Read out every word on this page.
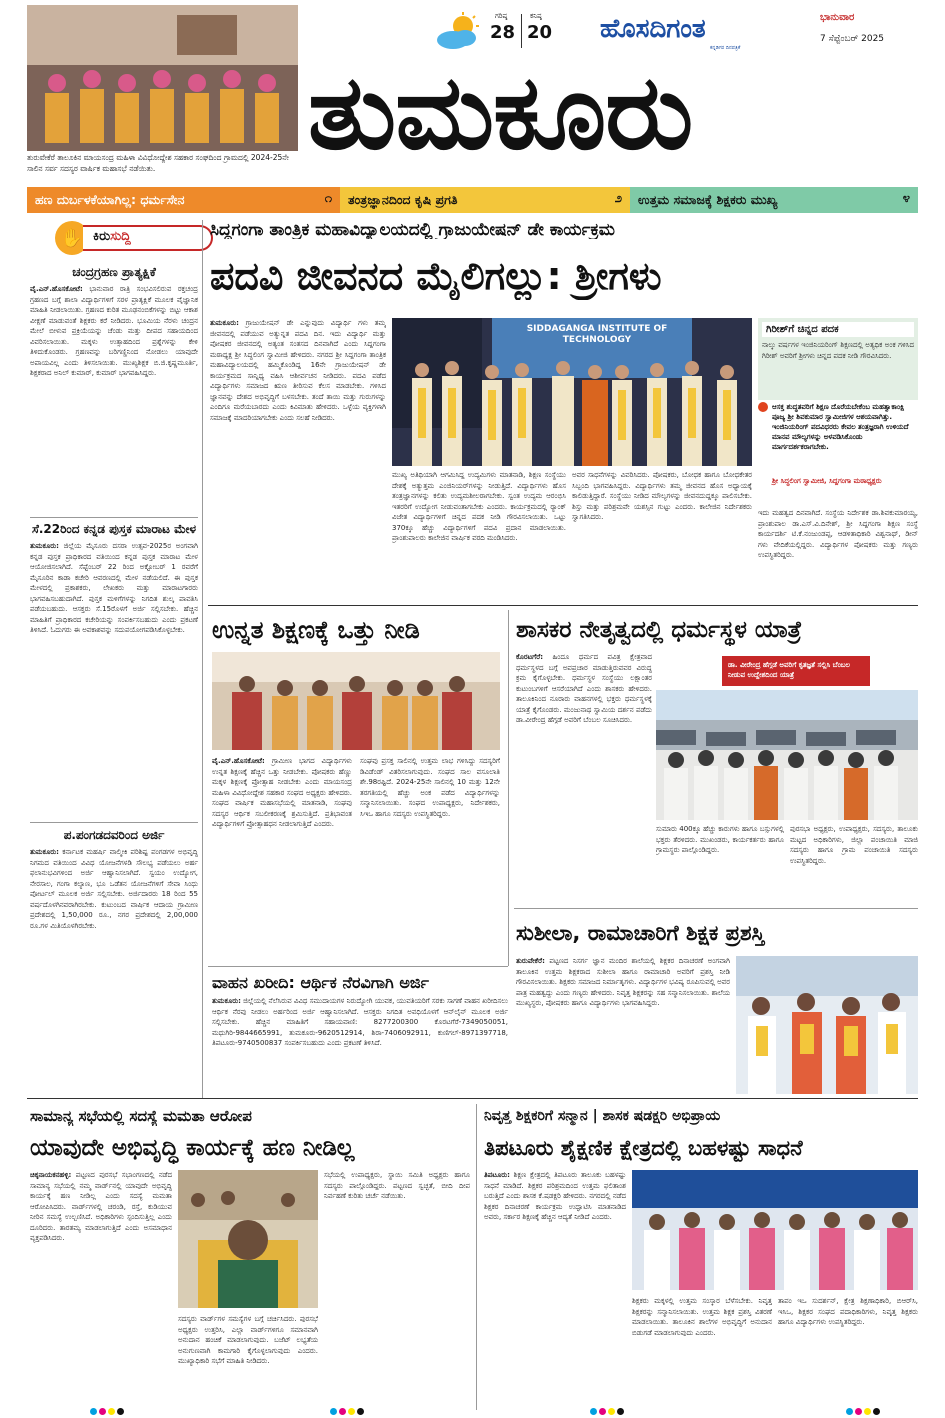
ತುರುವೇಕೆರೆ ತಾಲೂಕಿನ ಮಾಯಸಂದ್ರ ಮಹಿಳಾ ವಿವಿಧೋದ್ದೇಶ ಸಹಕಾರ ಸಂಘದಿಂದ ಗ್ರಾಮದಲ್ಲಿ 2024-25ನೇ ಸಾಲಿನ ಸರ್ವ ಸದಸ್ಯರ ವಾರ್ಷಿಕ ಮಹಾಸಭೆ ನಡೆಯಿತು.
ಗರಿಷ್ಠ
28
ಕನಿಷ್ಠ
20 ಹೊಸದಿಗಂತ
ಕನ್ನಡಿಗರ ದಿನಪತ್ರಿಕೆ
ಭಾನುವಾರ
7 ಸೆಪ್ಟೆಂಬರ್ 2025
ತುಮಕೂರು
ಹಣ ದುರ್ಬಳಕೆಯಾಗಿಲ್ಲ: ಧರ್ಮಸೇನ	೧ ತಂತ್ರಜ್ಞಾನದಿಂದ ಕೃಷಿ ಪ್ರಗತಿ	೨ ಉತ್ತಮ ಸಮಾಜಕ್ಕೆ ಶಿಕ್ಷಕರು ಮುಖ್ಯ	೪
✋ ಕಿರುಸುದ್ದಿ
ಚಂದ್ರಗ್ರಹಣ ಪ್ರಾತ್ಯಕ್ಷಿಕೆ
ವೈ.ಎನ್.ಹೊಸಕೋಟೆ: ಭಾನುವಾರ ರಾತ್ರಿ ಸಂಭವಿಸಲಿರುವ ರಕ್ತಚಂದ್ರ ಗ್ರಹಣದ ಬಗ್ಗೆ ಶಾಲಾ ವಿದ್ಯಾರ್ಥಿಗಳಿಗೆ ಸರಳ ಪ್ರಾತ್ಯಕ್ಷಿಕೆ ಮೂಲಕ ವೈಜ್ಞಾನಿಕ ಮಾಹಿತಿ ನೀಡಲಾಯಿತು. ಗ್ರಹಣದ ಕುರಿತ ಮೂಢನಂಬಿಕೆಗಳನ್ನು ಬಿಟ್ಟು ಆಕಾಶ ವೀಕ್ಷಣೆ ಮಾಡುವಂತೆ ಶಿಕ್ಷಕರು ಕರೆ ನೀಡಿದರು. ಭೂಮಿಯ ನೆರಳು ಚಂದ್ರನ ಮೇಲೆ ಬೀಳುವ ಪ್ರಕ್ರಿಯೆಯನ್ನು ಚೆಂಡು ಮತ್ತು ದೀಪದ ಸಹಾಯದಿಂದ ವಿವರಿಸಲಾಯಿತು. ಮಕ್ಕಳು ಉತ್ಸಾಹದಿಂದ ಪ್ರಶ್ನೆಗಳನ್ನು ಕೇಳಿ ತಿಳಿದುಕೊಂಡರು. ಗ್ರಹಣವನ್ನು ಬರಿಗಣ್ಣಿನಿಂದ ನೋಡಲು ಯಾವುದೇ ಅಪಾಯವಿಲ್ಲ ಎಂದು ತಿಳಿಸಲಾಯಿತು. ಮುಖ್ಯಶಿಕ್ಷಕ ಬಿ.ಜಿ.ಕೃಷ್ಣಮೂರ್ತಿ, ಶಿಕ್ಷಕರಾದ ಅನಿಲ್ ಕುಮಾರ್, ಕುಮಾರ್ ಭಾಗವಹಿಸಿದ್ದರು.
ಸೆ.22ರಿಂದ ಕನ್ನಡ ಪುಸ್ತಕ ಮಾರಾಟ ಮೇಳ
ತುಮಕೂರು: ಜಿಲ್ಲೆಯ ಮೈಸೂರು ದಸರಾ ಉತ್ಸವ-2025ರ ಅಂಗವಾಗಿ ಕನ್ನಡ ಪುಸ್ತಕ ಪ್ರಾಧಿಕಾರದ ವತಿಯಿಂದ ಕನ್ನಡ ಪುಸ್ತಕ ಮಾರಾಟ ಮೇಳ ಆಯೋಜಿಸಲಾಗಿದೆ. ಸೆಪ್ಟೆಂಬರ್ 22 ರಿಂದ ಅಕ್ಟೋಬರ್ 1 ರವರೆಗೆ ಮೈಸೂರಿನ ಕಾಡಾ ಕಚೇರಿ ಆವರಣದಲ್ಲಿ ಮೇಳ ನಡೆಯಲಿದೆ. ಈ ಪುಸ್ತಕ ಮೇಳದಲ್ಲಿ ಪ್ರಕಾಶಕರು, ಲೇಖಕರು ಮತ್ತು ಮಾರಾಟಗಾರರು ಭಾಗವಹಿಸಬಹುದಾಗಿದೆ. ಪುಸ್ತಕ ಮಳಿಗೆಗಳನ್ನು ನಿಗದಿತ ಶುಲ್ಕ ಪಾವತಿಸಿ ಪಡೆಯಬಹುದು. ಆಸಕ್ತರು ಸೆ.15ರೊಳಗೆ ಅರ್ಜಿ ಸಲ್ಲಿಸಬೇಕು. ಹೆಚ್ಚಿನ ಮಾಹಿತಿಗೆ ಪ್ರಾಧಿಕಾರದ ಕಚೇರಿಯನ್ನು ಸಂಪರ್ಕಿಸಬಹುದು ಎಂದು ಪ್ರಕಟಣೆ ತಿಳಿಸಿದೆ. ಓದುಗರು ಈ ಅವಕಾಶವನ್ನು ಸದುಪಯೋಗಪಡಿಸಿಕೊಳ್ಳಬೇಕು.
ಪ.ಪಂಗಡದವರಿಂದ ಅರ್ಜಿ
ತುಮಕೂರು: ಕರ್ನಾಟಕ ಮಹರ್ಷಿ ವಾಲ್ಮೀಕಿ ಪರಿಶಿಷ್ಟ ಪಂಗಡಗಳ ಅಭಿವೃದ್ಧಿ ನಿಗಮದ ವತಿಯಿಂದ ವಿವಿಧ ಯೋಜನೆಗಳಡಿ ಸೌಲಭ್ಯ ಪಡೆಯಲು ಅರ್ಹ ಫಲಾನುಭವಿಗಳಿಂದ ಅರ್ಜಿ ಆಹ್ವಾನಿಸಲಾಗಿದೆ. ಸ್ವಯಂ ಉದ್ಯೋಗ, ನೇರಸಾಲ, ಗಂಗಾ ಕಲ್ಯಾಣ, ಭೂ ಒಡೆತನ ಯೋಜನೆಗಳಿಗೆ ಸೇವಾ ಸಿಂಧು ಪೋರ್ಟಲ್ ಮೂಲಕ ಅರ್ಜಿ ಸಲ್ಲಿಸಬೇಕು. ಅರ್ಜಿದಾರರು 18 ರಿಂದ 55 ವರ್ಷದೊಳಗಿನವರಾಗಿರಬೇಕು. ಕುಟುಂಬದ ವಾರ್ಷಿಕ ಆದಾಯ ಗ್ರಾಮೀಣ ಪ್ರದೇಶದಲ್ಲಿ 1,50,000 ರೂ., ನಗರ ಪ್ರದೇಶದಲ್ಲಿ 2,00,000 ರೂ.ಗಳ ಮಿತಿಯೊಳಗಿರಬೇಕು.
ಸಿದ್ದಗಂಗಾ ತಾಂತ್ರಿಕ ಮಹಾವಿದ್ಯಾಲಯದಲ್ಲಿ ಗ್ರಾಜುಯೇಷನ್ ಡೇ ಕಾರ್ಯಕ್ರಮ
ಪದವಿ ಜೀವನದ ಮೈಲಿಗಲ್ಲು: ಶ್ರೀಗಳು
ತುಮಕೂರು: ಗ್ರಾಜುಯೇಷನ್ ಡೇ ಎನ್ನುವುದು ವಿದ್ಯಾರ್ಥಿ ಗಳು ತಮ್ಮ ಜೀವನದಲ್ಲಿ ಪಡೆಯುವ ಅತ್ಯುನ್ನತ ಪದವಿ ದಿನ. ಇದು ವಿದ್ಯಾರ್ಥಿ ಮತ್ತು ಪೋಷಕರ ಜೀವನದಲ್ಲಿ ಅತ್ಯಂತ ಸಂತಸದ ದಿನವಾಗಿದೆ ಎಂದು ಸಿದ್ದಗಂಗಾ ಮಠಾಧ್ಯಕ್ಷ ಶ್ರೀ ಸಿದ್ಧಲಿಂಗ ಸ್ವಾಮೀಜಿ ಹೇಳಿದರು. ನಗರದ ಶ್ರೀ ಸಿದ್ದಗಂಗಾ ತಾಂತ್ರಿಕ ಮಹಾವಿದ್ಯಾಲಯದಲ್ಲಿ ಹಮ್ಮಿಕೊಂಡಿದ್ದ 16ನೇ ಗ್ರಾಜುಯೇಷನ್ ಡೇ ಕಾರ್ಯಕ್ರಮದ ಸಾನ್ನಿಧ್ಯ ವಹಿಸಿ ಆಶೀರ್ವಚನ ನೀಡಿದರು. ಪದವಿ ಪಡೆದ ವಿದ್ಯಾರ್ಥಿಗಳು ಸಮಾಜದ ಋಣ ತೀರಿಸುವ ಕೆಲಸ ಮಾಡಬೇಕು. ಗಳಿಸಿದ ಜ್ಞಾನವನ್ನು ದೇಶದ ಅಭಿವೃದ್ಧಿಗೆ ಬಳಸಬೇಕು. ತಂದೆ ತಾಯಿ ಮತ್ತು ಗುರುಗಳನ್ನು ಎಂದಿಗೂ ಮರೆಯಬಾರದು ಎಂದು ಕಿವಿಮಾತು ಹೇಳಿದರು. ಒಳ್ಳೆಯ ವ್ಯಕ್ತಿಗಳಾಗಿ ಸಮಾಜಕ್ಕೆ ಮಾದರಿಯಾಗಬೇಕು ಎಂದು ಸಲಹೆ ನೀಡಿದರು.
SIDDAGANGA INSTITUTE OF TECHNOLOGY
ಗಿರೀಶ್‌ಗೆ ಚಿನ್ನದ ಪದಕ
ನಾಲ್ಕು ವರ್ಷಗಳ ಇಂಜಿನಿಯರಿಂಗ್ ಶಿಕ್ಷಣದಲ್ಲಿ ಅತ್ಯಧಿಕ ಅಂಕ ಗಳಿಸಿದ ಗಿರೀಶ್ ಅವರಿಗೆ ಶ್ರೀಗಳು ಚಿನ್ನದ ಪದಕ ನೀಡಿ ಗೌರವಿಸಿದರು.
ಆಸಕ್ತ ಶುದ್ಧತವರಿಗೆ ಶಿಕ್ಷಣ ದೊರೆಯಬೇಕೆಂಬ ಮಹತ್ವಾಕಾಂಕ್ಷಿ ಪೂಜ್ಯ ಶ್ರೀ ಶಿವಕುಮಾರ ಸ್ವಾಮೀಜಿಗಳ ಆಶಯವಾಗಿತ್ತು. ಇಂಜಿನಿಯರಿಂಗ್ ಪದವಿಧರರು ಕೇವಲ ತಂತ್ರಜ್ಞರಾಗಿ ಉಳಿಯದೆ ಮಾನವ ಮೌಲ್ಯಗಳನ್ನು ಅಳವಡಿಸಿಕೊಂಡು ಮಾರ್ಗದರ್ಶಕರಾಗಬೇಕು.
ಶ್ರೀ ಸಿದ್ಧಲಿಂಗ ಸ್ವಾಮೀಜಿ, ಸಿದ್ದಗಂಗಾ ಮಠಾಧ್ಯಕ್ಷರು
ಮುಖ್ಯ ಅತಿಥಿಯಾಗಿ ಆಗಮಿಸಿದ್ದ ಉದ್ಯಮಿಗಳು ಮಾತನಾಡಿ, ಶಿಕ್ಷಣ ಸಂಸ್ಥೆಯು ದೇಶಕ್ಕೆ ಅತ್ಯುತ್ತಮ ಎಂಜಿನಿಯರ್‌ಗಳನ್ನು ನೀಡುತ್ತಿದೆ. ವಿದ್ಯಾರ್ಥಿಗಳು ಹೊಸ ತಂತ್ರಜ್ಞಾನಗಳನ್ನು ಕಲಿತು ಉದ್ಯಮಶೀಲರಾಗಬೇಕು. ಸ್ವಂತ ಉದ್ಯಮ ಆರಂಭಿಸಿ ಇತರರಿಗೆ ಉದ್ಯೋಗ ನೀಡುವಂತಾಗಬೇಕು ಎಂದರು. ಕಾರ್ಯಕ್ರಮದಲ್ಲಿ ರ‍್ಯಾಂಕ್ ವಿಜೇತ ವಿದ್ಯಾರ್ಥಿಗಳಿಗೆ ಚಿನ್ನದ ಪದಕ ನೀಡಿ ಗೌರವಿಸಲಾಯಿತು. ಒಟ್ಟು 370ಕ್ಕೂ ಹೆಚ್ಚು ವಿದ್ಯಾರ್ಥಿಗಳಿಗೆ ಪದವಿ ಪ್ರದಾನ ಮಾಡಲಾಯಿತು. ಪ್ರಾಂಶುಪಾಲರು ಕಾಲೇಜಿನ ವಾರ್ಷಿಕ ವರದಿ ಮಂಡಿಸಿದರು.
ಅವರ ಸಾಧನೆಗಳನ್ನು ವಿವರಿಸಿದರು. ಪೋಷಕರು, ಬೋಧಕ ಹಾಗೂ ಬೋಧಕೇತರ ಸಿಬ್ಬಂದಿ ಭಾಗವಹಿಸಿದ್ದರು. ವಿದ್ಯಾರ್ಥಿಗಳು ತಮ್ಮ ಜೀವನದ ಹೊಸ ಅಧ್ಯಾಯಕ್ಕೆ ಕಾಲಿಡುತ್ತಿದ್ದಾರೆ. ಸಂಸ್ಥೆಯು ನೀಡಿದ ಮೌಲ್ಯಗಳನ್ನು ಜೀವನದುದ್ದಕ್ಕೂ ಪಾಲಿಸಬೇಕು. ಶಿಸ್ತು ಮತ್ತು ಪರಿಶ್ರಮವೇ ಯಶಸ್ಸಿನ ಗುಟ್ಟು ಎಂದರು. ಕಾಲೇಜಿನ ನಿರ್ದೇಶಕರು ಸ್ವಾಗತಿಸಿದರು.	ಇದು ಮಹತ್ವದ ದಿನವಾಗಿದೆ. ಸಂಸ್ಥೆಯ ನಿರ್ದೇಶಕ ಡಾ.ಶಿವಕುಮಾರಯ್ಯ, ಪ್ರಾಂಶುಪಾಲ ಡಾ.ಎಸ್.ವಿ.ದಿನೇಶ್, ಶ್ರೀ ಸಿದ್ದಗಂಗಾ ಶಿಕ್ಷಣ ಸಂಸ್ಥೆ ಕಾರ್ಯದರ್ಶಿ ಟಿ.ಕೆ.ನಂಜುಂಡಪ್ಪ, ಆಡಳಿತಾಧಿಕಾರಿ ವಿಶ್ವನಾಥ್, ಡೀನ್ ಗಳು ವೇದಿಕೆಯಲ್ಲಿದ್ದರು. ವಿದ್ಯಾರ್ಥಿಗಳ ಪೋಷಕರು ಮತ್ತು ಗಣ್ಯರು ಉಪಸ್ಥಿತರಿದ್ದರು.
ಉನ್ನತ ಶಿಕ್ಷಣಕ್ಕೆ ಒತ್ತು ನೀಡಿ
ವೈ.ಎನ್.ಹೊಸಕೋಟೆ: ಗ್ರಾಮೀಣ ಭಾಗದ ವಿದ್ಯಾರ್ಥಿಗಳು ಉನ್ನತ ಶಿಕ್ಷಣಕ್ಕೆ ಹೆಚ್ಚಿನ ಒತ್ತು ನೀಡಬೇಕು. ಪೋಷಕರು ಹೆಣ್ಣು ಮಕ್ಕಳ ಶಿಕ್ಷಣಕ್ಕೆ ಪ್ರೋತ್ಸಾಹ ನೀಡಬೇಕು ಎಂದು ಮಾಯಸಂದ್ರ ಮಹಿಳಾ ವಿವಿಧೋದ್ದೇಶ ಸಹಕಾರ ಸಂಘದ ಅಧ್ಯಕ್ಷರು ಹೇಳಿದರು. ಸಂಘದ ವಾರ್ಷಿಕ ಮಹಾಸಭೆಯಲ್ಲಿ ಮಾತನಾಡಿ, ಸಂಘವು ಸದಸ್ಯರ ಆರ್ಥಿಕ ಸಬಲೀಕರಣಕ್ಕೆ ಶ್ರಮಿಸುತ್ತಿದೆ. ಪ್ರತಿಭಾವಂತ ವಿದ್ಯಾರ್ಥಿಗಳಿಗೆ ಪ್ರೋತ್ಸಾಹಧನ ನೀಡಲಾಗುತ್ತಿದೆ ಎಂದರು.
ಸಂಘವು ಪ್ರಸಕ್ತ ಸಾಲಿನಲ್ಲಿ ಉತ್ತಮ ಲಾಭ ಗಳಿಸಿದ್ದು ಸದಸ್ಯರಿಗೆ ಡಿವಿಡೆಂಡ್ ವಿತರಿಸಲಾಗುವುದು. ಸಂಘದ ಸಾಲ ವಸೂಲಾತಿ ಶೇ.98ರಷ್ಟಿದೆ. 2024-25ನೇ ಸಾಲಿನಲ್ಲಿ 10 ಮತ್ತು 12ನೇ ತರಗತಿಯಲ್ಲಿ ಹೆಚ್ಚು ಅಂಕ ಪಡೆದ ವಿದ್ಯಾರ್ಥಿಗಳನ್ನು ಸನ್ಮಾನಿಸಲಾಯಿತು. ಸಂಘದ ಉಪಾಧ್ಯಕ್ಷರು, ನಿರ್ದೇಶಕರು, ಸಿಇಒ ಹಾಗೂ ಸದಸ್ಯರು ಉಪಸ್ಥಿತರಿದ್ದರು.
ಶಾಸಕರ ನೇತೃತ್ವದಲ್ಲಿ ಧರ್ಮಸ್ಥಳ ಯಾತ್ರೆ
ಕೊರಟಗೆರೆ: ಹಿಂದೂ ಧರ್ಮದ ಪವಿತ್ರ ಕ್ಷೇತ್ರವಾದ ಧರ್ಮಸ್ಥಳದ ಬಗ್ಗೆ ಅಪಪ್ರಚಾರ ಮಾಡುತ್ತಿರುವವರ ವಿರುದ್ಧ ಕ್ರಮ ಕೈಗೊಳ್ಳಬೇಕು. ಧರ್ಮಸ್ಥಳ ಸಂಸ್ಥೆಯು ಲಕ್ಷಾಂತರ ಕುಟುಂಬಗಳಿಗೆ ಆಸರೆಯಾಗಿದೆ ಎಂದು ಶಾಸಕರು ಹೇಳಿದರು. ತಾಲೂಕಿನಿಂದ ನೂರಾರು ವಾಹನಗಳಲ್ಲಿ ಭಕ್ತರು ಧರ್ಮಸ್ಥಳಕ್ಕೆ ಯಾತ್ರೆ ಕೈಗೊಂಡರು. ಮಂಜುನಾಥ ಸ್ವಾಮಿಯ ದರ್ಶನ ಪಡೆದು ಡಾ.ವೀರೇಂದ್ರ ಹೆಗ್ಗಡೆ ಅವರಿಗೆ ಬೆಂಬಲ ಸೂಚಿಸಿದರು.
ಡಾ. ವೀರೇಂದ್ರ ಹೆಗ್ಗಡೆ ಅವರಿಗೆ ಕೃತಜ್ಞತೆ ಸಲ್ಲಿಸಿ ಬೆಂಬಲ ನೀಡುವ ಉದ್ದೇಶದಿಂದ ಯಾತ್ರೆ
ಸುಮಾರು 400ಕ್ಕೂ ಹೆಚ್ಚು ಕಾರುಗಳು ಹಾಗೂ ಬಸ್ಸುಗಳಲ್ಲಿ ಭಕ್ತರು ತೆರಳಿದರು. ಮುಖಂಡರು, ಕಾರ್ಯಕರ್ತರು ಹಾಗೂ ಗ್ರಾಮಸ್ಥರು ಪಾಲ್ಗೊಂಡಿದ್ದರು.
ಪುರಸಭಾ ಅಧ್ಯಕ್ಷರು, ಉಪಾಧ್ಯಕ್ಷರು, ಸದಸ್ಯರು, ತಾಲೂಕು ಮಟ್ಟದ ಅಧಿಕಾರಿಗಳು, ಜಿಲ್ಲಾ ಪಂಚಾಯಿತಿ ಮಾಜಿ ಸದಸ್ಯರು ಹಾಗೂ ಗ್ರಾಮ ಪಂಚಾಯಿತಿ ಸದಸ್ಯರು ಉಪಸ್ಥಿತರಿದ್ದರು.
ಸುಶೀಲಾ, ರಾಮಾಚಾರಿಗೆ ಶಿಕ್ಷಕ ಪ್ರಶಸ್ತಿ
ತುರುವೇಕೆರೆ: ಪಟ್ಟಣದ ನಿಸರ್ಗ ಜ್ಞಾನ ಮಂದಿರ ಶಾಲೆಯಲ್ಲಿ ಶಿಕ್ಷಕರ ದಿನಾಚರಣೆ ಅಂಗವಾಗಿ ತಾಲೂಕಿನ ಉತ್ತಮ ಶಿಕ್ಷಕರಾದ ಸುಶೀಲಾ ಹಾಗೂ ರಾಮಾಚಾರಿ ಅವರಿಗೆ ಪ್ರಶಸ್ತಿ ನೀಡಿ ಗೌರವಿಸಲಾಯಿತು. ಶಿಕ್ಷಕರು ಸಮಾಜದ ನಿರ್ಮಾತೃಗಳು. ವಿದ್ಯಾರ್ಥಿಗಳ ಭವಿಷ್ಯ ರೂಪಿಸುವಲ್ಲಿ ಅವರ ಪಾತ್ರ ಮಹತ್ವದ್ದು ಎಂದು ಗಣ್ಯರು ಹೇಳಿದರು. ನಿವೃತ್ತ ಶಿಕ್ಷಕರನ್ನು ಸಹ ಸನ್ಮಾನಿಸಲಾಯಿತು. ಶಾಲೆಯ ಮುಖ್ಯಸ್ಥರು, ಪೋಷಕರು ಹಾಗೂ ವಿದ್ಯಾರ್ಥಿಗಳು ಭಾಗವಹಿಸಿದ್ದರು.
ವಾಹನ ಖರೀದಿ: ಆರ್ಥಿಕ ನೆರವಿಗಾಗಿ ಅರ್ಜಿ
ತುಮಕೂರು: ಜಿಲ್ಲೆಯಲ್ಲಿ ನೆಲೆಸಿರುವ ವಿವಿಧ ಸಮುದಾಯಗಳ ನಿರುದ್ಯೋಗಿ ಯುವಕ, ಯುವತಿಯರಿಗೆ ಸರಕು ಸಾಗಣೆ ವಾಹನ ಖರೀದಿಸಲು ಆರ್ಥಿಕ ನೆರವು ನೀಡಲು ಅರ್ಹರಿಂದ ಅರ್ಜಿ ಆಹ್ವಾನಿಸಲಾಗಿದೆ. ಆಸಕ್ತರು ನಿಗದಿತ ಅವಧಿಯೊಳಗೆ ಆನ್‌ಲೈನ್ ಮೂಲಕ ಅರ್ಜಿ ಸಲ್ಲಿಸಬೇಕು. ಹೆಚ್ಚಿನ ಮಾಹಿತಿಗೆ ಸಹಾಯವಾಣಿ: 8277200300 ಕೊರಟಗೆರೆ-7349050051, ಮಧುಗಿರಿ-9844665991, ತುಮಕೂರು-9620512914, ಶಿರಾ-7406092911, ಕುಣಿಗಲ್-8971397718, ತಿಪಟೂರು-9740500837 ಸಂಪರ್ಕಿಸಬಹುದು ಎಂದು ಪ್ರಕಟಣೆ ತಿಳಿಸಿದೆ.
ಸಾಮಾನ್ಯ ಸಭೆಯಲ್ಲಿ ಸದಸ್ಯೆ ಮಮತಾ ಆರೋಪ
ಯಾವುದೇ ಅಭಿವೃದ್ಧಿ ಕಾರ್ಯಕ್ಕೆ ಹಣ ನೀಡಿಲ್ಲ
ಚಿಕ್ಕನಾಯಕನಹಳ್ಳಿ: ಪಟ್ಟಣದ ಪುರಸಭೆ ಸಭಾಂಗಣದಲ್ಲಿ ನಡೆದ ಸಾಮಾನ್ಯ ಸಭೆಯಲ್ಲಿ ನಮ್ಮ ವಾರ್ಡ್‌ನಲ್ಲಿ ಯಾವುದೇ ಅಭಿವೃದ್ಧಿ ಕಾರ್ಯಕ್ಕೆ ಹಣ ನೀಡಿಲ್ಲ ಎಂದು ಸದಸ್ಯೆ ಮಮತಾ ಆರೋಪಿಸಿದರು. ವಾರ್ಡ್‌ಗಳಲ್ಲಿ ಚರಂಡಿ, ರಸ್ತೆ, ಕುಡಿಯುವ ನೀರಿನ ಸಮಸ್ಯೆ ಉಲ್ಬಣಿಸಿದೆ. ಅಧಿಕಾರಿಗಳು ಸ್ಪಂದಿಸುತ್ತಿಲ್ಲ ಎಂದು ದೂರಿದರು. ತಾರತಮ್ಯ ಮಾಡಲಾಗುತ್ತಿದೆ ಎಂದು ಅಸಮಾಧಾನ ವ್ಯಕ್ತಪಡಿಸಿದರು.
ಸದಸ್ಯರು ವಾರ್ಡ್‌ಗಳ ಸಮಸ್ಯೆಗಳ ಬಗ್ಗೆ ಚರ್ಚಿಸಿದರು. ಪುರಸಭೆ ಅಧ್ಯಕ್ಷರು ಉತ್ತರಿಸಿ, ಎಲ್ಲಾ ವಾರ್ಡ್‌ಗಳಿಗೂ ಸಮಾನವಾಗಿ ಅನುದಾನ ಹಂಚಿಕೆ ಮಾಡಲಾಗುವುದು. ಬಜೆಟ್ ಲಭ್ಯತೆಯ ಅನುಗುಣವಾಗಿ ಕಾಮಗಾರಿ ಕೈಗೊಳ್ಳಲಾಗುವುದು ಎಂದರು. ಮುಖ್ಯಾಧಿಕಾರಿ ಸಭೆಗೆ ಮಾಹಿತಿ ನೀಡಿದರು.
ಸಭೆಯಲ್ಲಿ ಉಪಾಧ್ಯಕ್ಷರು, ಸ್ಥಾಯಿ ಸಮಿತಿ ಅಧ್ಯಕ್ಷರು ಹಾಗೂ ಸದಸ್ಯರು ಪಾಲ್ಗೊಂಡಿದ್ದರು. ಪಟ್ಟಣದ ಸ್ವಚ್ಛತೆ, ಬೀದಿ ದೀಪ ನಿರ್ವಹಣೆ ಕುರಿತು ಚರ್ಚೆ ನಡೆಯಿತು.
ನಿವೃತ್ತ ಶಿಕ್ಷಕರಿಗೆ ಸನ್ಮಾನ | ಶಾಸಕ ಷಡಕ್ಷರಿ ಅಭಿಪ್ರಾಯ
ತಿಪಟೂರು ಶೈಕ್ಷಣಿಕ ಕ್ಷೇತ್ರದಲ್ಲಿ ಬಹಳಷ್ಟು ಸಾಧನೆ
ತಿಪಟೂರು: ಶಿಕ್ಷಣ ಕ್ಷೇತ್ರದಲ್ಲಿ ತಿಪಟೂರು ತಾಲೂಕು ಬಹಳಷ್ಟು ಸಾಧನೆ ಮಾಡಿದೆ. ಶಿಕ್ಷಕರ ಪರಿಶ್ರಮದಿಂದ ಉತ್ತಮ ಫಲಿತಾಂಶ ಬರುತ್ತಿದೆ ಎಂದು ಶಾಸಕ ಕೆ.ಷಡಕ್ಷರಿ ಹೇಳಿದರು. ನಗರದಲ್ಲಿ ನಡೆದ ಶಿಕ್ಷಕರ ದಿನಾಚರಣೆ ಕಾರ್ಯಕ್ರಮ ಉದ್ಘಾಟಿಸಿ ಮಾತನಾಡಿದ ಅವರು, ಸರ್ಕಾರ ಶಿಕ್ಷಣಕ್ಕೆ ಹೆಚ್ಚಿನ ಆದ್ಯತೆ ನೀಡಿದೆ ಎಂದರು.
ಶಿಕ್ಷಕರು ಮಕ್ಕಳಲ್ಲಿ ಉತ್ತಮ ಸಂಸ್ಕಾರ ಬೆಳೆಸಬೇಕು. ನಿವೃತ್ತ ಶಿಕ್ಷಕರನ್ನು ಸನ್ಮಾನಿಸಲಾಯಿತು. ಉತ್ತಮ ಶಿಕ್ಷಕ ಪ್ರಶಸ್ತಿ ವಿತರಣೆ ಮಾಡಲಾಯಿತು. ತಾಲೂಕಿನ ಶಾಲೆಗಳ ಅಭಿವೃದ್ಧಿಗೆ ಅನುದಾನ ಬಿಡುಗಡೆ ಮಾಡಲಾಗುವುದು ಎಂದರು.
ತಾಪಂ ಇಒ ಸುದರ್ಶನ್, ಕ್ಷೇತ್ರ ಶಿಕ್ಷಣಾಧಿಕಾರಿ, ಬಿಆರ್‌ಸಿ, ಇಸಿಒ, ಶಿಕ್ಷಕರ ಸಂಘದ ಪದಾಧಿಕಾರಿಗಳು, ನಿವೃತ್ತ ಶಿಕ್ಷಕರು ಹಾಗೂ ವಿದ್ಯಾರ್ಥಿಗಳು ಉಪಸ್ಥಿತರಿದ್ದರು.
